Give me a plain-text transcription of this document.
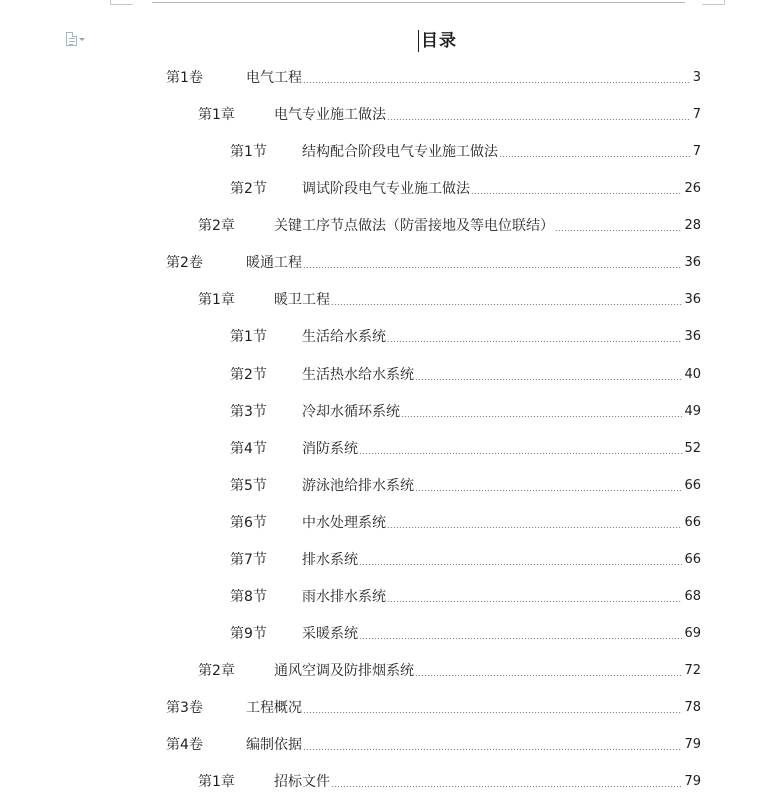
目录
第1卷	电气工程	3
第1章	电气专业施工做法	7
第1节	结构配合阶段电气专业施工做法	7
第2节	调试阶段电气专业施工做法	26
第2章	关键工序节点做法（防雷接地及等电位联结）	28
第2卷	暖通工程	36
第1章	暖卫工程	36
第1节	生活给水系统	36
第2节	生活热水给水系统	40
第3节	冷却水循环系统	49
第4节	消防系统	52
第5节	游泳池给排水系统	66
第6节	中水处理系统	66
第7节	排水系统	66
第8节	雨水排水系统	68
第9节	采暖系统	69
第2章	通风空调及防排烟系统	72
第3卷	工程概况	78
第4卷	编制依据	79
第1章	招标文件	79
